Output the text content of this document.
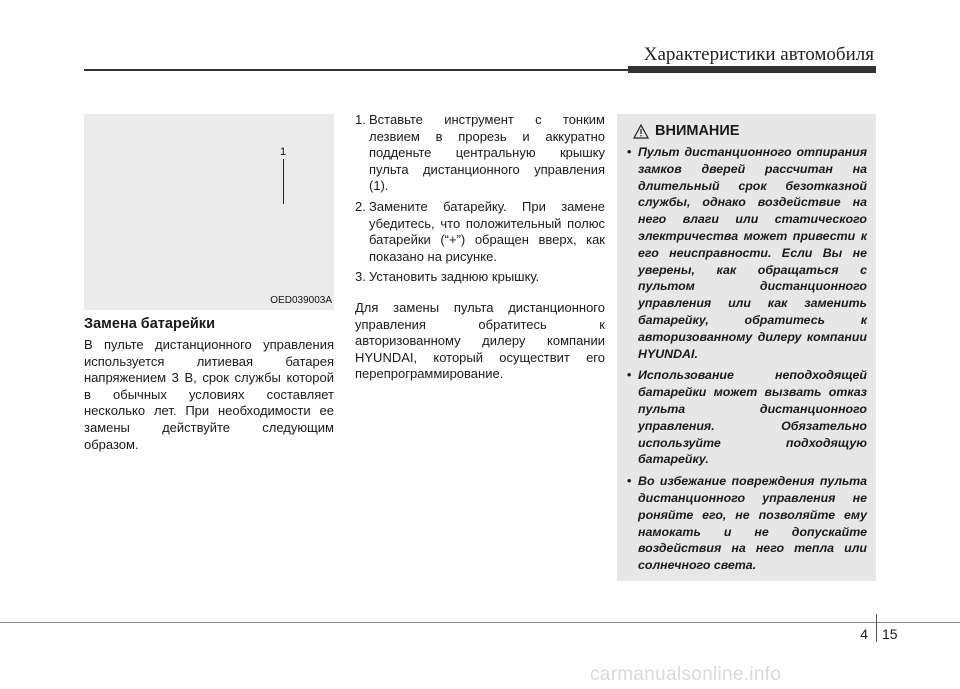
Характеристики автомобиля
1
OED039003A
Замена батарейки

В пульте дистанционного управления используется литиевая батарея напряжением 3 В, срок службы которой в обычных условиях составляет несколько лет. При необходимости ее замены действуйте следующим образом.

1. Вставьте инструмент с тонким лезвием в прорезь и аккуратно подденьте центральную крышку пульта дистанционного управления (1).
2. Замените батарейку. При замене убедитесь, что положительный полюс батарейки (“+”) обращен вверх, как показано на рисунке.
3. Установить заднюю крышку.

Для замены пульта дистанционного управления обратитесь к авторизованному дилеру компании HYUNDAI, который осуществит его перепрограммирование.

ВНИМАНИЕ
• Пульт дистанционного отпирания замков дверей рассчитан на длительный срок безотказной службы, однако воздействие на него влаги или статического электричества может привести к его неисправности. Если Вы не уверены, как обращаться с пультом дистанционного управления или как заменить батарейку, обратитесь к авторизованному дилеру компании HYUNDAI.
• Использование неподходящей батарейки может вызвать отказ пульта дистанционного управления. Обязательно используйте подходящую батарейку.
• Во избежание повреждения пульта дистанционного управления не роняйте его, не позволяйте ему намокать и не допускайте воздействия на него тепла или солнечного света.
4 15
carmanualsonline.info
